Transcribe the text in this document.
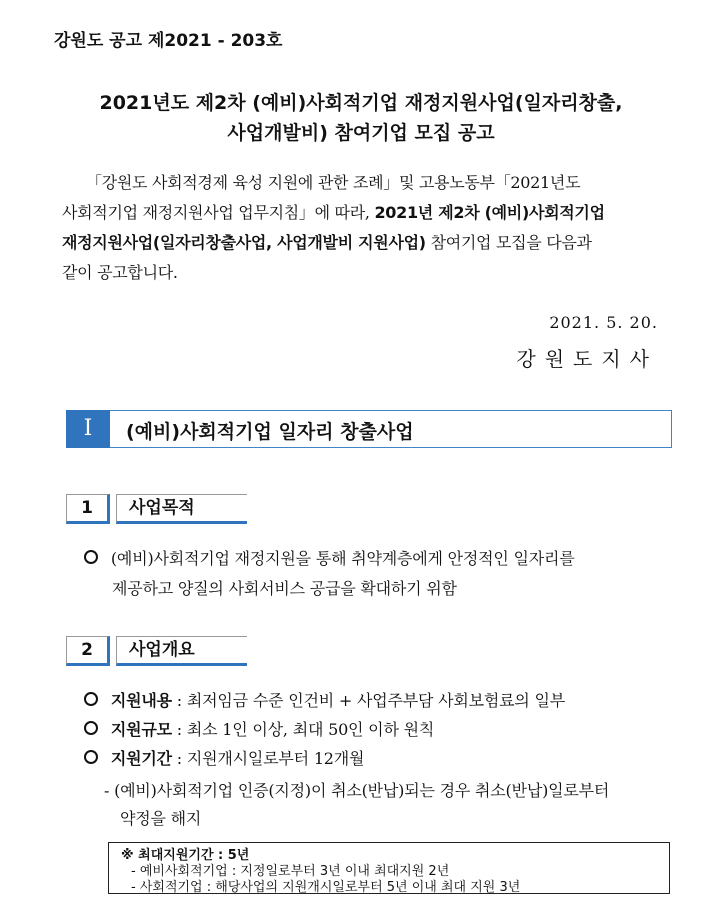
강원도 공고 제2021 - 203호
2021년도 제2차 (예비)사회적기업 재정지원사업(일자리창출,
사업개발비) 참여기업 모집 공고
「강원도 사회적경제 육성 지원에 관한 조례」및 고용노동부「2021년도
사회적기업 재정지원사업 업무지침」에 따라, 2021년 제2차 (예비)사회적기업
재정지원사업(일자리창출사업, 사업개발비 지원사업) 참여기업 모집을 다음과
같이 공고합니다.
2021. 5. 20.
강원도지사
Ⅰ	(예비)사회적기업 일자리 창출사업
1	사업목적
(예비)사회적기업 재정지원을 통해 취약계층에게 안정적인 일자리를
제공하고 양질의 사회서비스 공급을 확대하기 위함
2	사업개요
지원내용 : 최저임금 수준 인건비 + 사업주부담 사회보험료의 일부
지원규모 : 최소 1인 이상, 최대 50인 이하 원칙
지원기간 : 지원개시일로부터 12개월
- (예비)사회적기업 인증(지정)이 취소(반납)되는 경우 취소(반납)일로부터
약정을 해지
※ 최대지원기간 : 5년
- 예비사회적기업 : 지정일로부터 3년 이내 최대지원 2년
- 사회적기업 : 해당사업의 지원개시일로부터 5년 이내 최대 지원 3년
